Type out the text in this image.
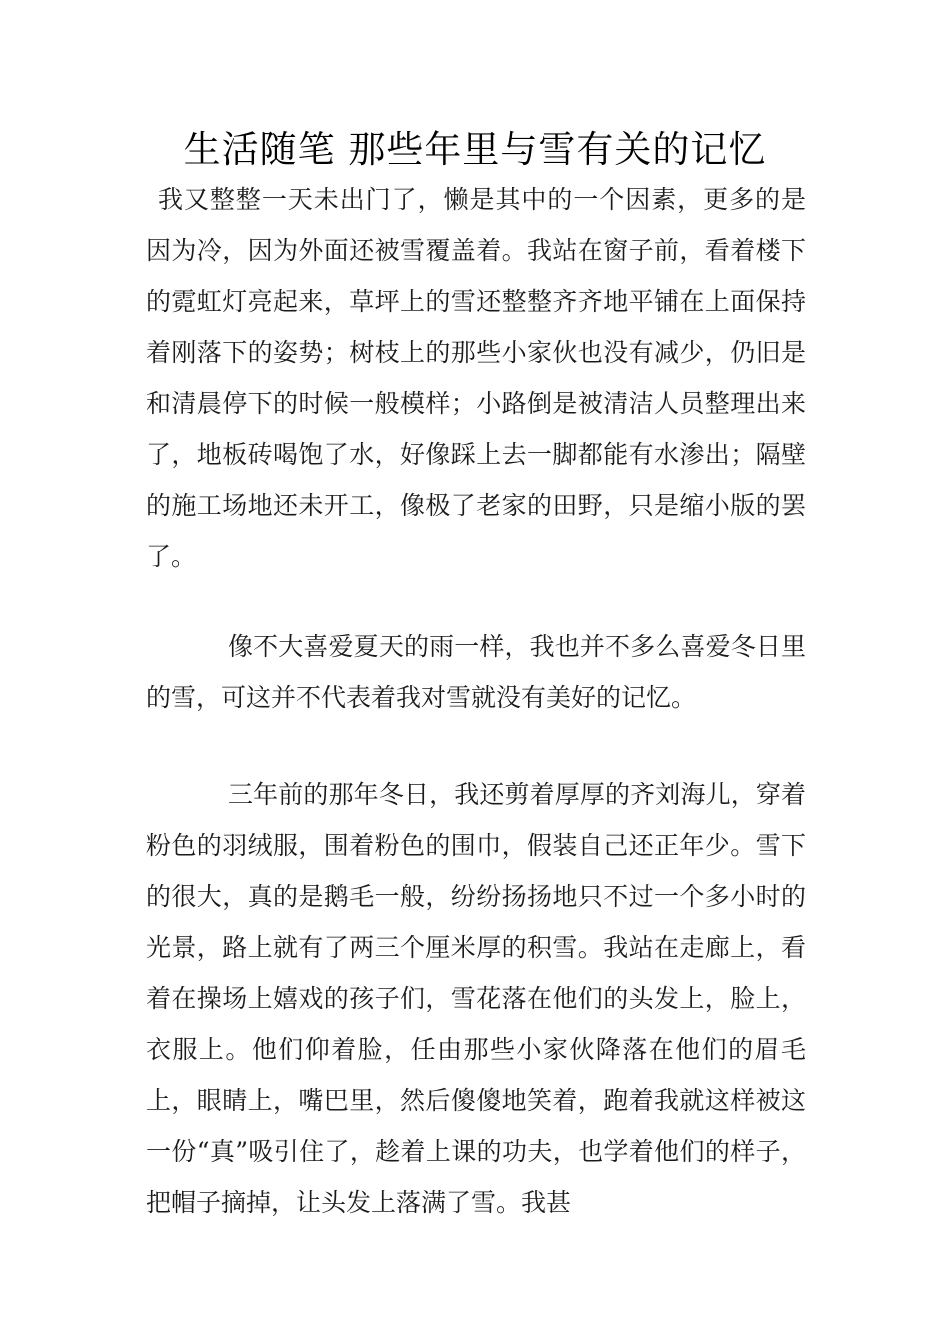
生活随笔 那些年里与雪有关的记忆

我又整整一天未出门了，懒是其中的一个因素，更多的是因为冷，因为外面还被雪覆盖着。我站在窗子前，看着楼下的霓虹灯亮起来，草坪上的雪还整整齐齐地平铺在上面保持着刚落下的姿势；树枝上的那些小家伙也没有减少，仍旧是和清晨停下的时候一般模样；小路倒是被清洁人员整理出来了，地板砖喝饱了水，好像踩上去一脚都能有水渗出；隔壁的施工场地还未开工，像极了老家的田野，只是缩小版的罢了。

像不大喜爱夏天的雨一样，我也并不多么喜爱冬日里的雪，可这并不代表着我对雪就没有美好的记忆。

三年前的那年冬日，我还剪着厚厚的齐刘海儿，穿着粉色的羽绒服，围着粉色的围巾，假装自己还正年少。雪下的很大，真的是鹅毛一般，纷纷扬扬地只不过一个多小时的光景，路上就有了两三个厘米厚的积雪。我站在走廊上，看着在操场上嬉戏的孩子们，雪花落在他们的头发上，脸上，衣服上。他们仰着脸，任由那些小家伙降落在他们的眉毛上，眼睛上，嘴巴里，然后傻傻地笑着，跑着我就这样被这一份“真”吸引住了，趁着上课的功夫，也学着他们的样子，把帽子摘掉，让头发上落满了雪。我甚
